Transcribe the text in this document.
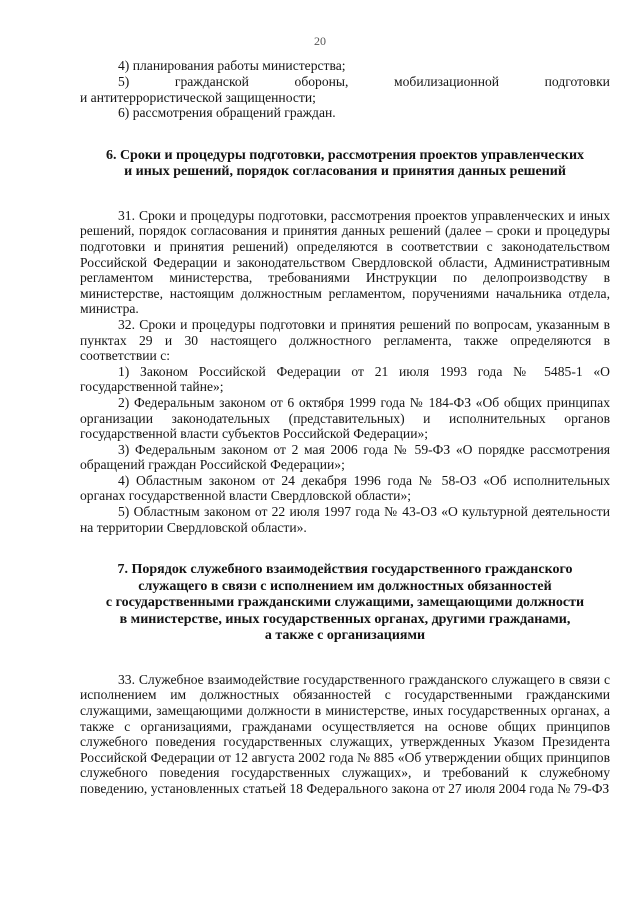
20

4) планирования работы министерства;

5)	гражданской	обороны,	мобилизационной	подготовки

и антитеррористической защищенности;

6) рассмотрения обращений граждан.

6. Сроки и процедуры подготовки, рассмотрения проектов управленческих
и иных решений, порядок согласования и принятия данных решений

31. Сроки и процедуры подготовки, рассмотрения проектов управленческих и иных решений, порядок согласования и принятия данных решений (далее – сроки и процедуры подготовки и принятия решений) определяются в соответствии с законодательством Российской Федерации и законодательством Свердловской области, Административным регламентом министерства, требованиями Инструкции по делопроизводству в министерстве, настоящим должностным регламентом, поручениями начальника отдела, министра.

32. Сроки и процедуры подготовки и принятия решений по вопросам, указанным в пунктах 29 и 30 настоящего должностного регламента, также определяются в соответствии с:

1) Законом Российской Федерации от 21 июля 1993 года № 5485-1 «О государственной тайне»;

2) Федеральным законом от 6 октября 1999 года № 184-ФЗ «Об общих принципах организации законодательных (представительных) и исполнительных органов государственной власти субъектов Российской Федерации»;

3) Федеральным законом от 2 мая 2006 года № 59-ФЗ «О порядке рассмотрения обращений граждан Российской Федерации»;

4) Областным законом от 24 декабря 1996 года № 58-ОЗ «Об исполнительных органах государственной власти Свердловской области»;

5) Областным законом от 22 июля 1997 года № 43-ОЗ «О культурной деятельности на территории Свердловской области».

7. Порядок служебного взаимодействия государственного гражданского
служащего в связи с исполнением им должностных обязанностей
с государственными гражданскими служащими, замещающими должности
в министерстве, иных государственных органах, другими гражданами,
а также с организациями

33. Служебное взаимодействие государственного гражданского служащего в связи с исполнением им должностных обязанностей с государственными гражданскими служащими, замещающими должности в министерстве, иных государственных органах, а также с организациями, гражданами осуществляется на основе общих принципов служебного поведения государственных служащих, утвержденных Указом Президента Российской Федерации от 12 августа 2002 года № 885 «Об утверждении общих принципов служебного поведения государственных служащих», и требований к служебному поведению, установленных статьей 18 Федерального закона от 27 июля 2004 года № 79-ФЗ
